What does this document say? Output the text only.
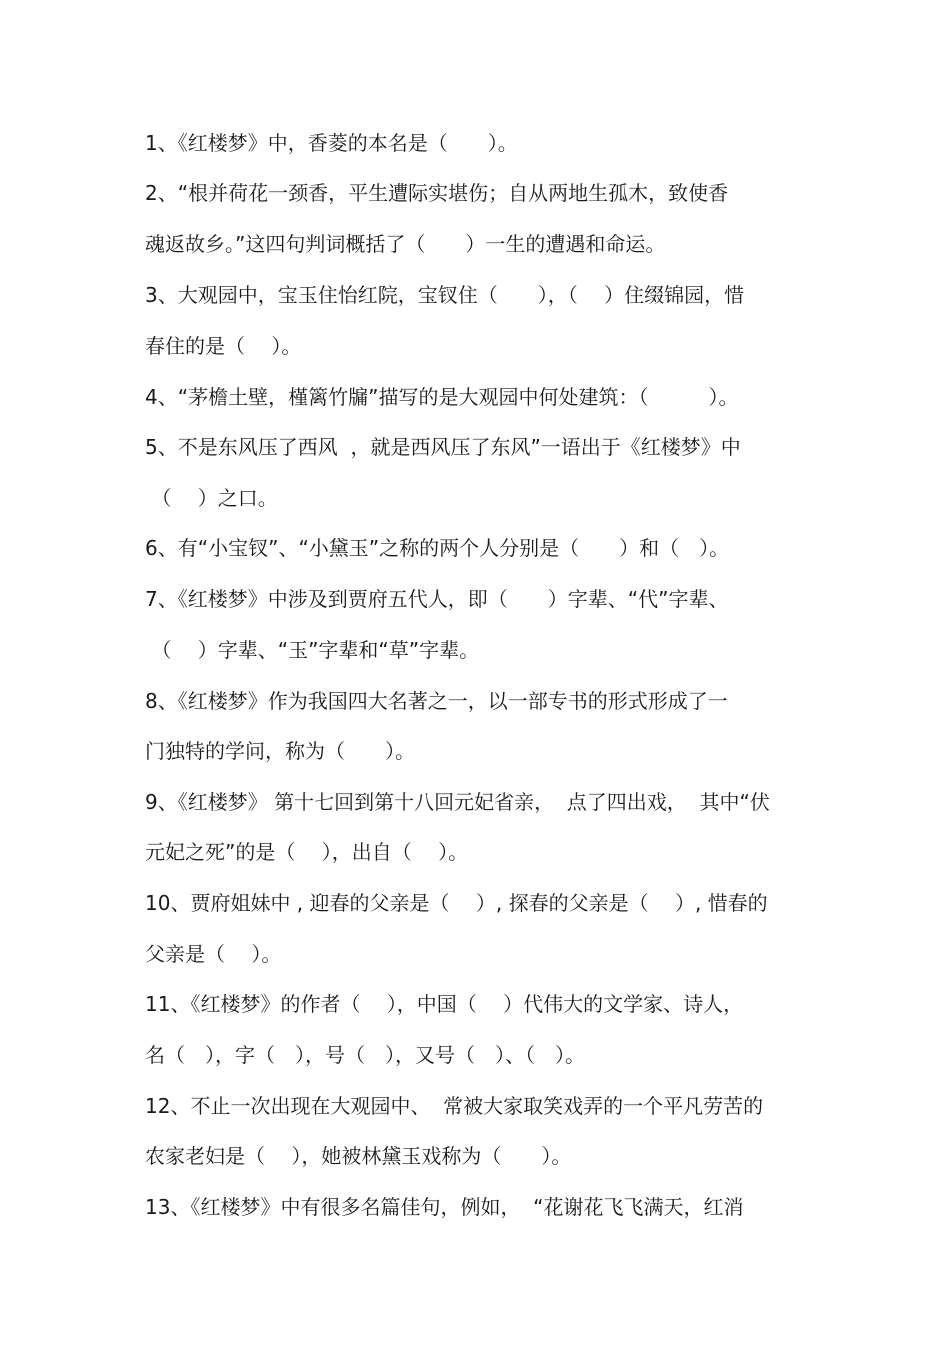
1、《红楼梦》中，香菱的本名是（　　）。
2、“根并荷花一颈香，平生遭际实堪伤；自从两地生孤木，致使香
魂返故乡。”这四句判词概括了（　　）一生的遭遇和命运。
3、大观园中，宝玉住怡红院，宝钗住（　　），（　 ）住缀锦园，惜
春住的是（　 ）。
4、“茅檐土壁，槿篱竹牖”描写的是大观园中何处建筑：（　　　）。
5、不是东风压了西风  ，就是西风压了东风”一语出于《红楼梦》中
（　 ）之口。
6、有“小宝钗”、“小黛玉”之称的两个人分别是（　　）和（　）。
7、《红楼梦》中涉及到贾府五代人，即（　　）字辈、“代”字辈、
（　 ）字辈、“玉”字辈和“草”字辈。
8、《红楼梦》作为我国四大名著之一，以一部专书的形式形成了一
门独特的学问，称为（　　）。
9、《红楼梦》 第十七回到第十八回元妃省亲，  点了四出戏，  其中“伏
元妃之死”的是（　 ），出自（　 ）。
10、贾府姐妹中 , 迎春的父亲是（　 ）, 探春的父亲是（　 ）, 惜春的
父亲是（　 ）。
11、《红楼梦》的作者（　 ），中国（　 ）代伟大的文学家、诗人，
名（　），字（　），号（　），又号（　）、（　）。
12、不止一次出现在大观园中、  常被大家取笑戏弄的一个平凡劳苦的
农家老妇是（　 ），她被林黛玉戏称为（　　）。
13、《红楼梦》中有很多名篇佳句，例如，  “花谢花飞飞满天，红消
